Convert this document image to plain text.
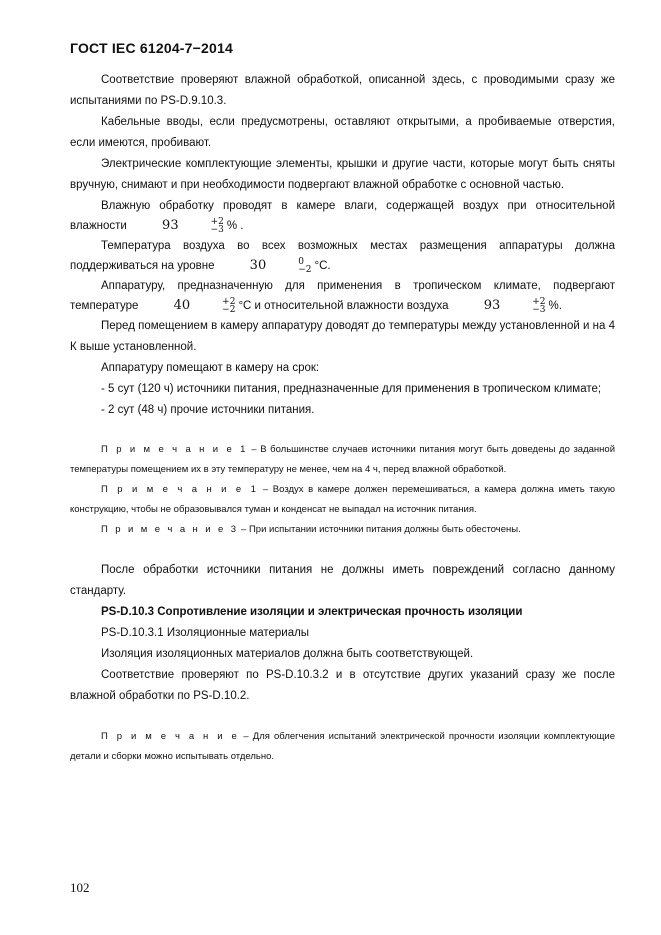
ГОСТ IEC 61204-7−2014

Соответствие проверяют влажной обработкой, описанной здесь, с проводимыми сразу же испытаниями по PS-D.9.10.3.

Кабельные вводы, если предусмотрены, оставляют открытыми, а пробиваемые отверстия, если имеются, пробивают.

Электрические комплектующие элементы, крышки и другие части, которые могут быть сняты вручную, снимают и при необходимости подвергают влажной обработке с основной частью.

Влажную обработку проводят в камере влаги, содержащей воздух при относительной влажности	93	+2
−3 % .

Температура воздуха во всех возможных местах размещения аппаратуры должна поддерживаться на уровне	30	0
−2 °C.

Аппаратуру, предназначенную для применения в тропическом климате, подвергают температуре	40	+2
−2 °C и относительной влажности воздуха	93	+2
−3 %.

Перед помещением в камеру аппаратуру доводят до температуры между установленной и на 4 К выше установленной.

Аппаратуру помещают в камеру на срок:

- 5 сут (120 ч) источники питания, предназначенные для применения в тропическом климате;

- 2 сут (48 ч) прочие источники питания.

П р и м е ч а н и е 1 – В большинстве случаев источники питания могут быть доведены до заданной температуры помещением их в эту температуру не менее, чем на 4 ч, перед влажной обработкой.

П р и м е ч а н и е 1 – Воздух в камере должен перемешиваться, а камера должна иметь такую конструкцию, чтобы не образовывался туман и конденсат не выпадал на источник питания.

П р и м е ч а н и е 3 – При испытании источники питания должны быть обесточены.

После обработки источники питания не должны иметь повреждений согласно данному стандарту.

PS-D.10.3 Сопротивление изоляции и электрическая прочность изоляции

PS-D.10.3.1 Изоляционные материалы

Изоляция изоляционных материалов должна быть соответствующей.

Соответствие проверяют по PS-D.10.3.2 и в отсутствие других указаний сразу же после влажной обработки по PS-D.10.2.

П р и м е ч а н и е – Для облегчения испытаний электрической прочности изоляции комплектующие детали и сборки можно испытывать отдельно.

102
